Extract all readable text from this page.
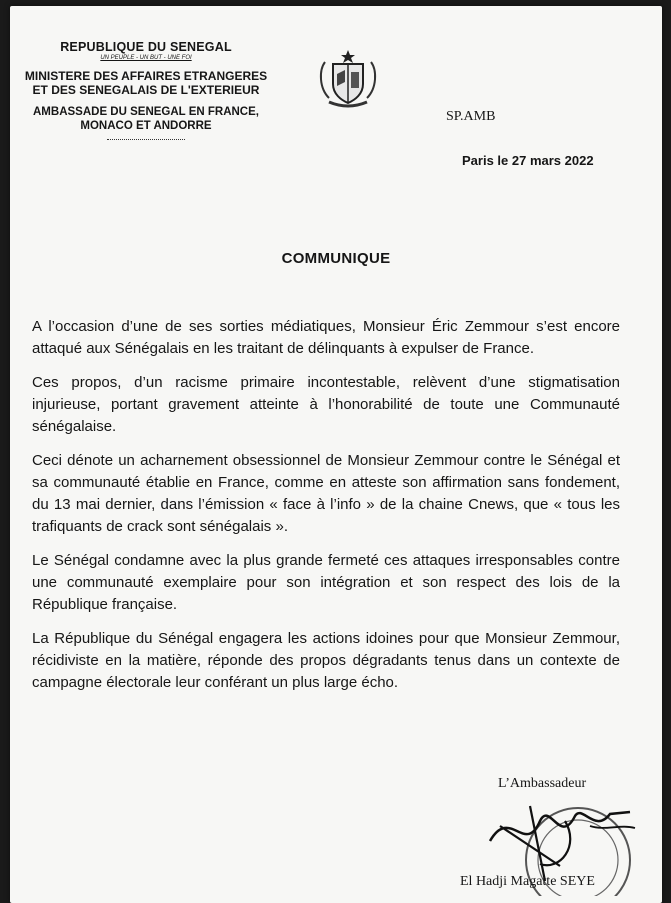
REPUBLIQUE DU SENEGAL
UN PEUPLE - UN BUT - UNE FOI
MINISTERE DES AFFAIRES ETRANGERES
ET DES SENEGALAIS DE L'EXTERIEUR
AMBASSADE DU SENEGAL EN FRANCE,
MONACO ET ANDORRE
SP.AMB
Paris le 27 mars 2022
COMMUNIQUE

A l’occasion d’une de ses sorties médiatiques, Monsieur Éric Zemmour s’est encore attaqué aux Sénégalais en les traitant de délinquants à expulser de France.

Ces propos, d’un racisme primaire incontestable, relèvent d’une stigmatisation injurieuse, portant gravement atteinte à l’honorabilité de toute une Communauté sénégalaise.

Ceci dénote un acharnement obsessionnel de Monsieur Zemmour contre le Sénégal et sa communauté établie en France, comme en atteste son affirmation sans fondement, du 13 mai dernier, dans l’émission « face à l’info » de la chaine Cnews, que « tous les trafiquants de crack sont sénégalais ».

Le Sénégal condamne avec la plus grande fermeté ces attaques irresponsables contre une communauté exemplaire pour son intégration et son respect des lois de la République française.

La République du Sénégal engagera les actions idoines pour que Monsieur Zemmour, récidiviste en la matière, réponde des propos dégradants tenus dans un contexte de campagne électorale leur conférant un plus large écho.

L’Ambassadeur
El Hadji Magatte SEYE
